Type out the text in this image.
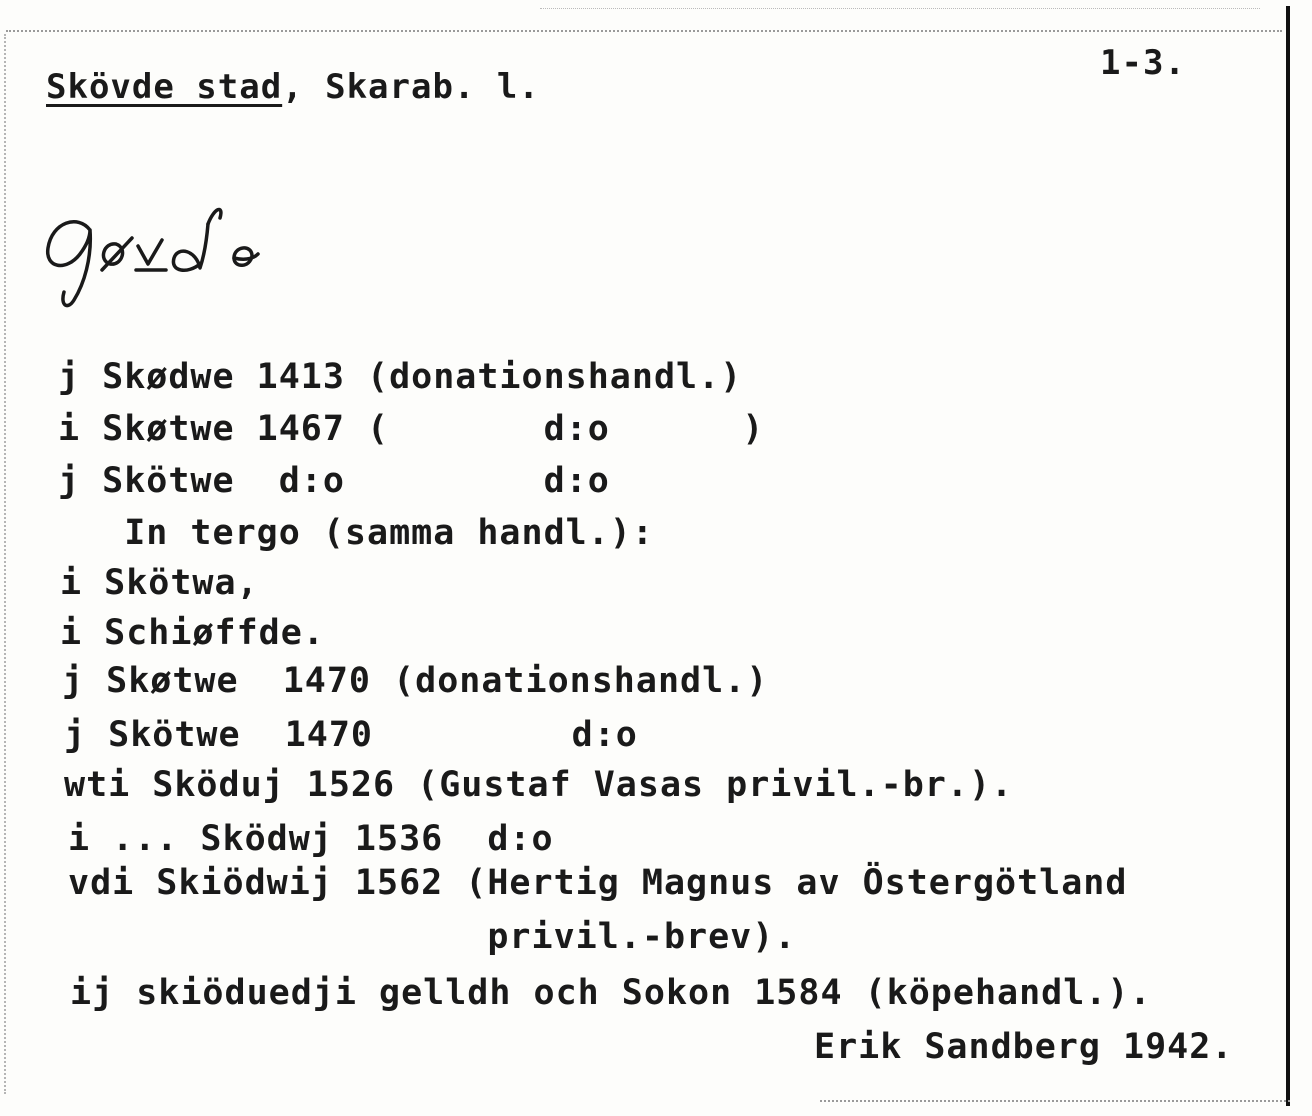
Skövde stad, Skarab. l.
1-3.
j Skødwe 1413 (donationshandl.)
i Skøtwe 1467 (       d:o      )
j Skötwe  d:o         d:o
In tergo (samma handl.):
i Skötwa,
i Schiøffde.
j Skøtwe  1470 (donationshandl.)
j Skötwe  1470         d:o
wti Sköduj 1526 (Gustaf Vasas privil.-br.).
i ... Sködwj 1536  d:o
vdi Skiödwij 1562 (Hertig Magnus av Östergötland
privil.-brev).
ij skiöduedji gelldh och Sokon 1584 (köpehandl.).
Erik Sandberg 1942.
